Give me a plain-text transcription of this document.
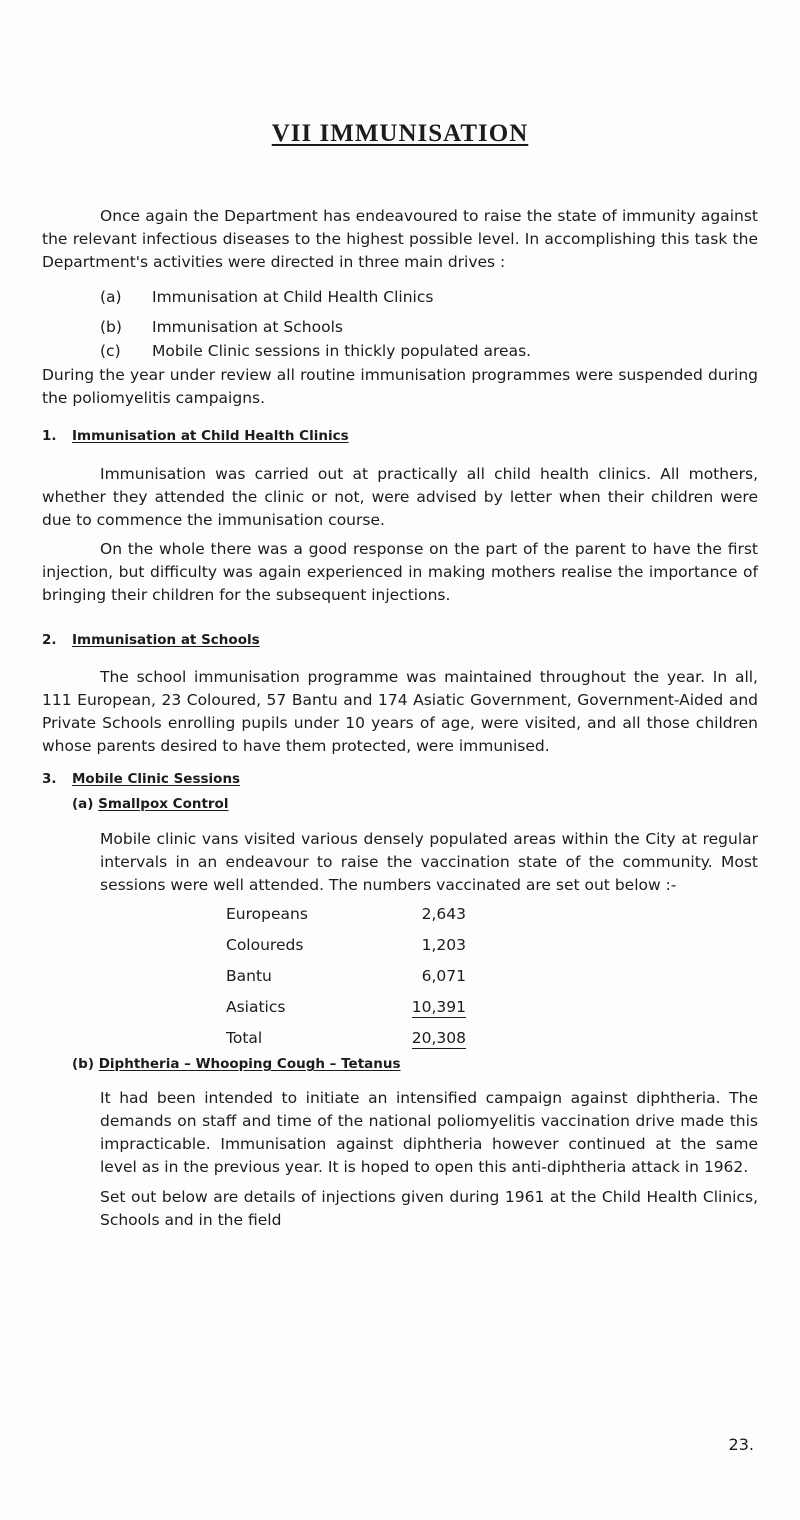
VII IMMUNISATION

Once again the Department has endeavoured to raise the state of immunity against the relevant infectious diseases to the highest possible level. In accomplishing this task the Department's activities were directed in three main drives :

(a) Immunisation at Child Health Clinics
(b) Immunisation at Schools
(c) Mobile Clinic sessions in thickly populated areas.

During the year under review all routine immunisation programmes were suspended during the poliomyelitis campaigns.

1. Immunisation at Child Health Clinics

Immunisation was carried out at practically all child health clinics. All mothers, whether they attended the clinic or not, were advised by letter when their children were due to commence the immunisation course.

On the whole there was a good response on the part of the parent to have the first injection, but difficulty was again experienced in making mothers realise the importance of bringing their children for the subsequent injections.

2. Immunisation at Schools

The school immunisation programme was maintained throughout the year. In all, 111 European, 23 Coloured, 57 Bantu and 174 Asiatic Government, Government-Aided and Private Schools enrolling pupils under 10 years of age, were visited, and all those children whose parents desired to have them protected, were immunised.

3. Mobile Clinic Sessions
(a) Smallpox Control

Mobile clinic vans visited various densely populated areas within the City at regular intervals in an endeavour to raise the vaccination state of the community. Most sessions were well attended. The numbers vaccinated are set out below :-

Europeans	2,643
Coloureds	1,203
Bantu	6,071
Asiatics	10,391
Total	20,308
(b) Diphtheria – Whooping Cough – Tetanus

It had been intended to initiate an intensified campaign against diphtheria. The demands on staff and time of the national poliomyelitis vaccination drive made this impracticable. Immunisation against diphtheria however continued at the same level as in the previous year. It is hoped to open this anti-diphtheria attack in 1962.

Set out below are details of injections given during 1961 at the Child Health Clinics, Schools and in the field

23.
